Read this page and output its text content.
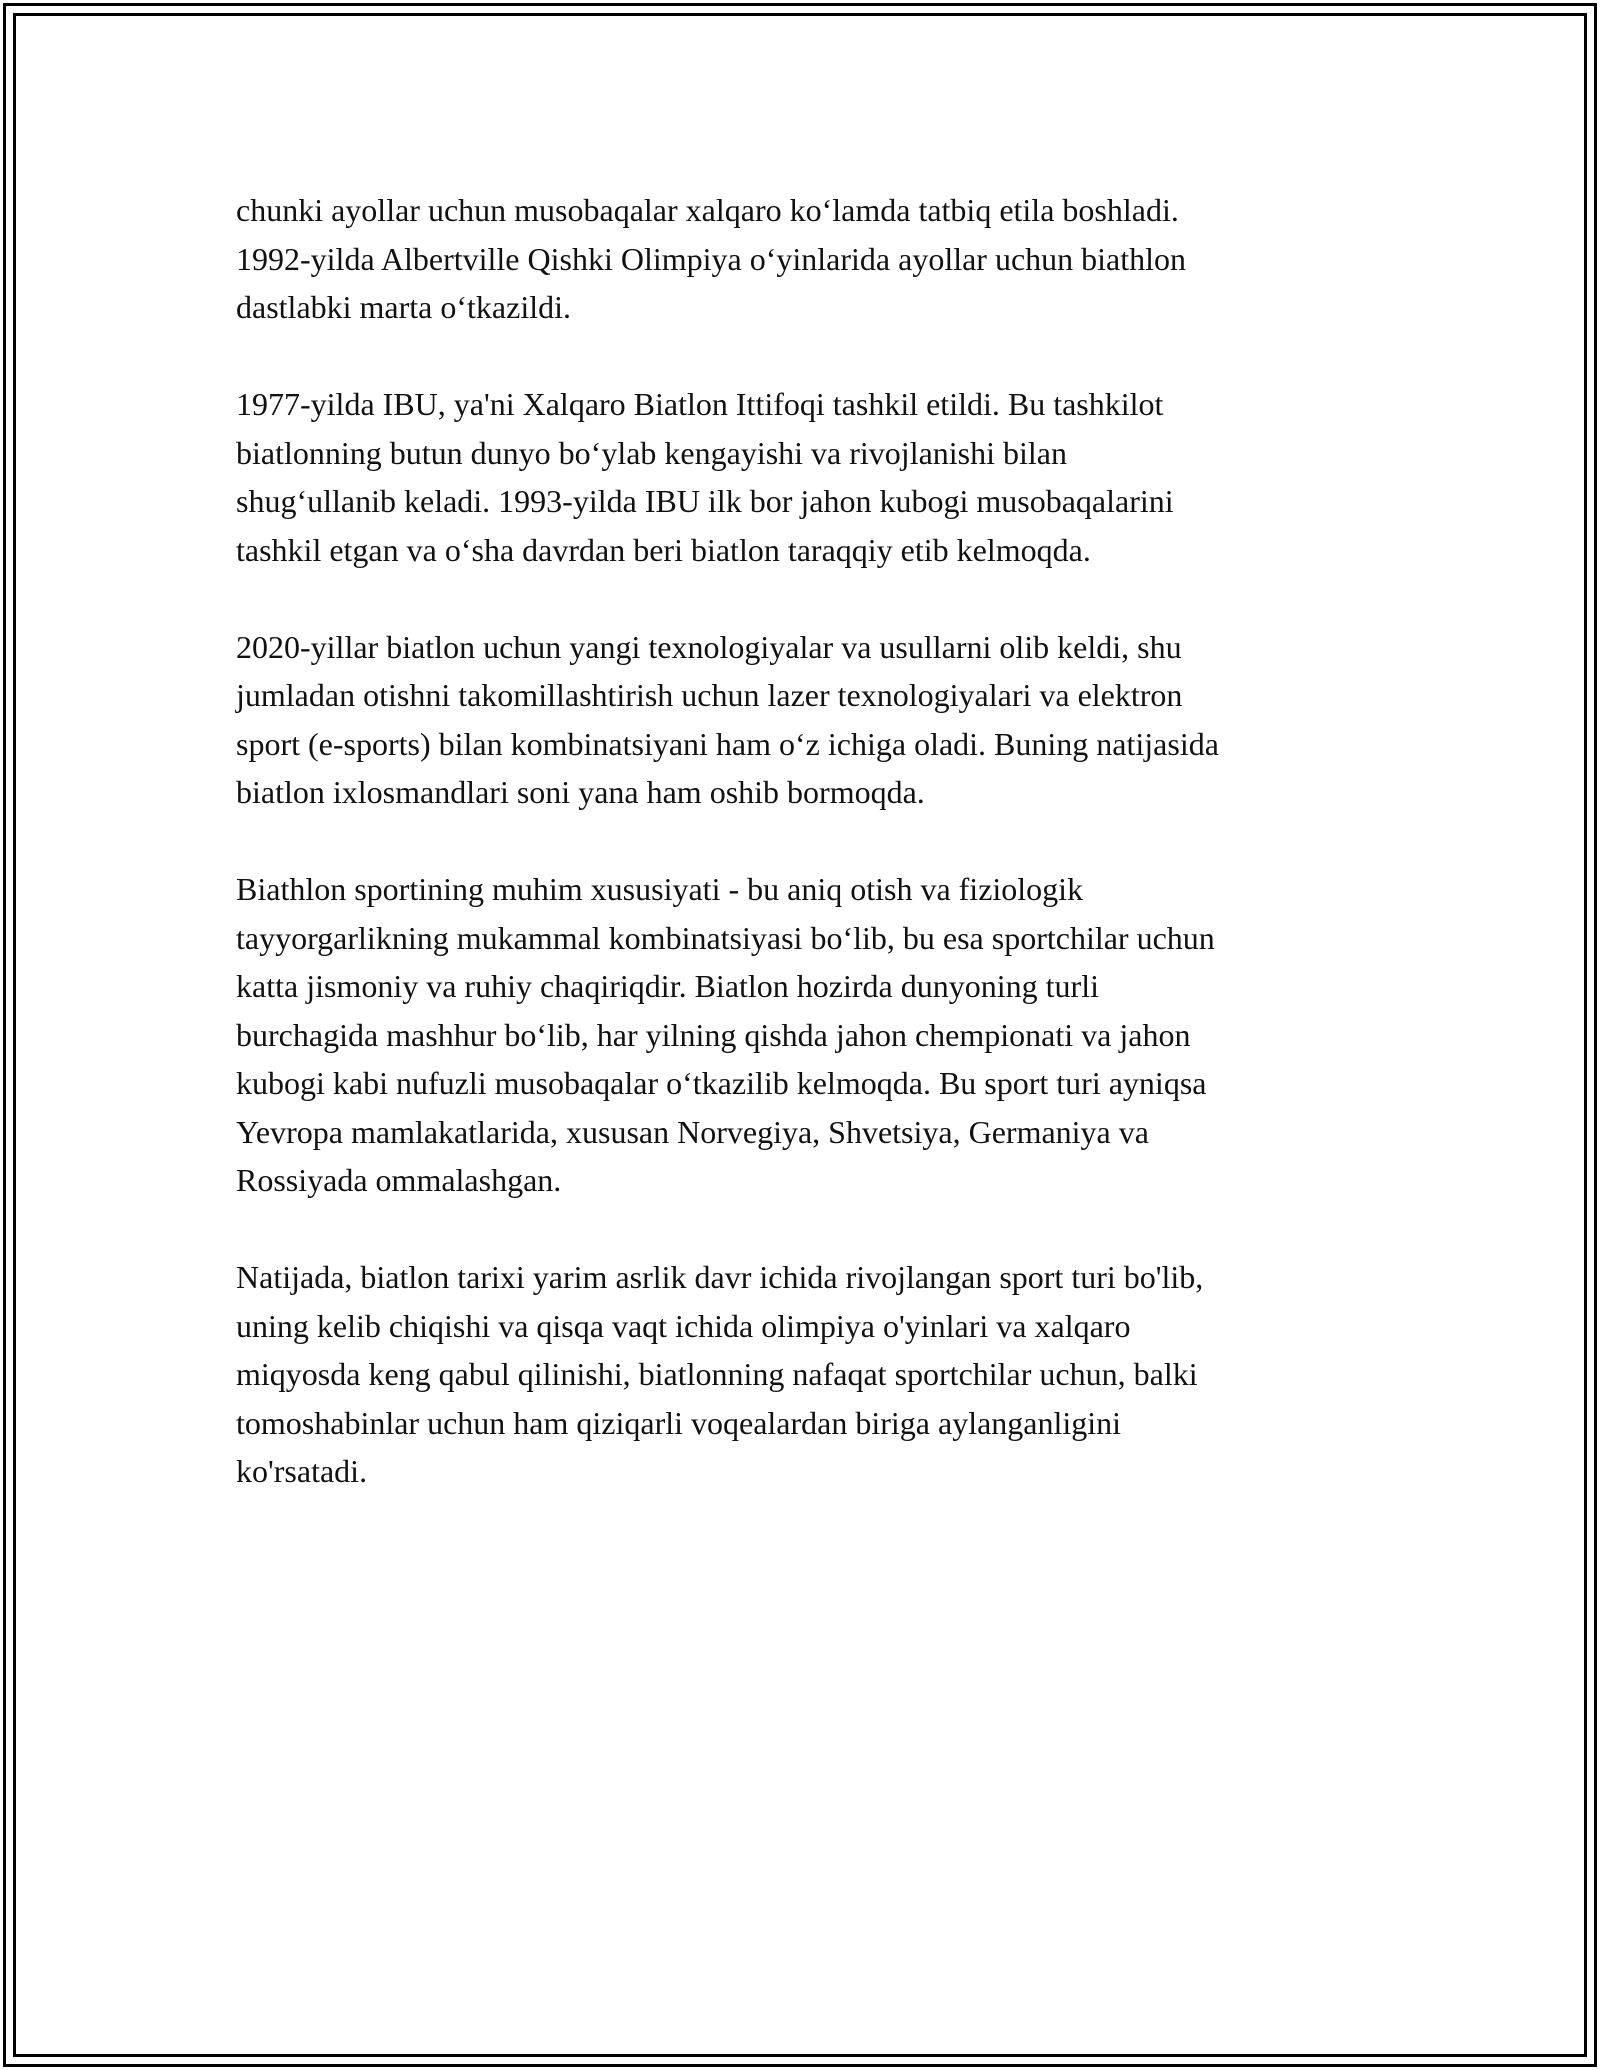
chunki ayollar uchun musobaqalar xalqaro koʻlamda tatbiq etila boshladi.
1992-yilda Albertville Qishki Olimpiya oʻyinlarida ayollar uchun biathlon
dastlabki marta oʻtkazildi.

1977-yilda IBU, ya'ni Xalqaro Biatlon Ittifoqi tashkil etildi. Bu tashkilot
biatlonning butun dunyo boʻylab kengayishi va rivojlanishi bilan
shugʻullanib keladi. 1993-yilda IBU ilk bor jahon kubogi musobaqalarini
tashkil etgan va oʻsha davrdan beri biatlon taraqqiy etib kelmoqda.

2020-yillar biatlon uchun yangi texnologiyalar va usullarni olib keldi, shu
jumladan otishni takomillashtirish uchun lazer texnologiyalari va elektron
sport (e-sports) bilan kombinatsiyani ham oʻz ichiga oladi. Buning natijasida
biatlon ixlosmandlari soni yana ham oshib bormoqda.

Biathlon sportining muhim xususiyati - bu aniq otish va fiziologik
tayyorgarlikning mukammal kombinatsiyasi boʻlib, bu esa sportchilar uchun
katta jismoniy va ruhiy chaqiriqdir. Biatlon hozirda dunyoning turli
burchagida mashhur boʻlib, har yilning qishda jahon chempionati va jahon
kubogi kabi nufuzli musobaqalar oʻtkazilib kelmoqda. Bu sport turi ayniqsa
Yevropa mamlakatlarida, xususan Norvegiya, Shvetsiya, Germaniya va
Rossiyada ommalashgan.

Natijada, biatlon tarixi yarim asrlik davr ichida rivojlangan sport turi bo'lib,
uning kelib chiqishi va qisqa vaqt ichida olimpiya o'yinlari va xalqaro
miqyosda keng qabul qilinishi, biatlonning nafaqat sportchilar uchun, balki
tomoshabinlar uchun ham qiziqarli voqealardan biriga aylanganligini
ko'rsatadi.
